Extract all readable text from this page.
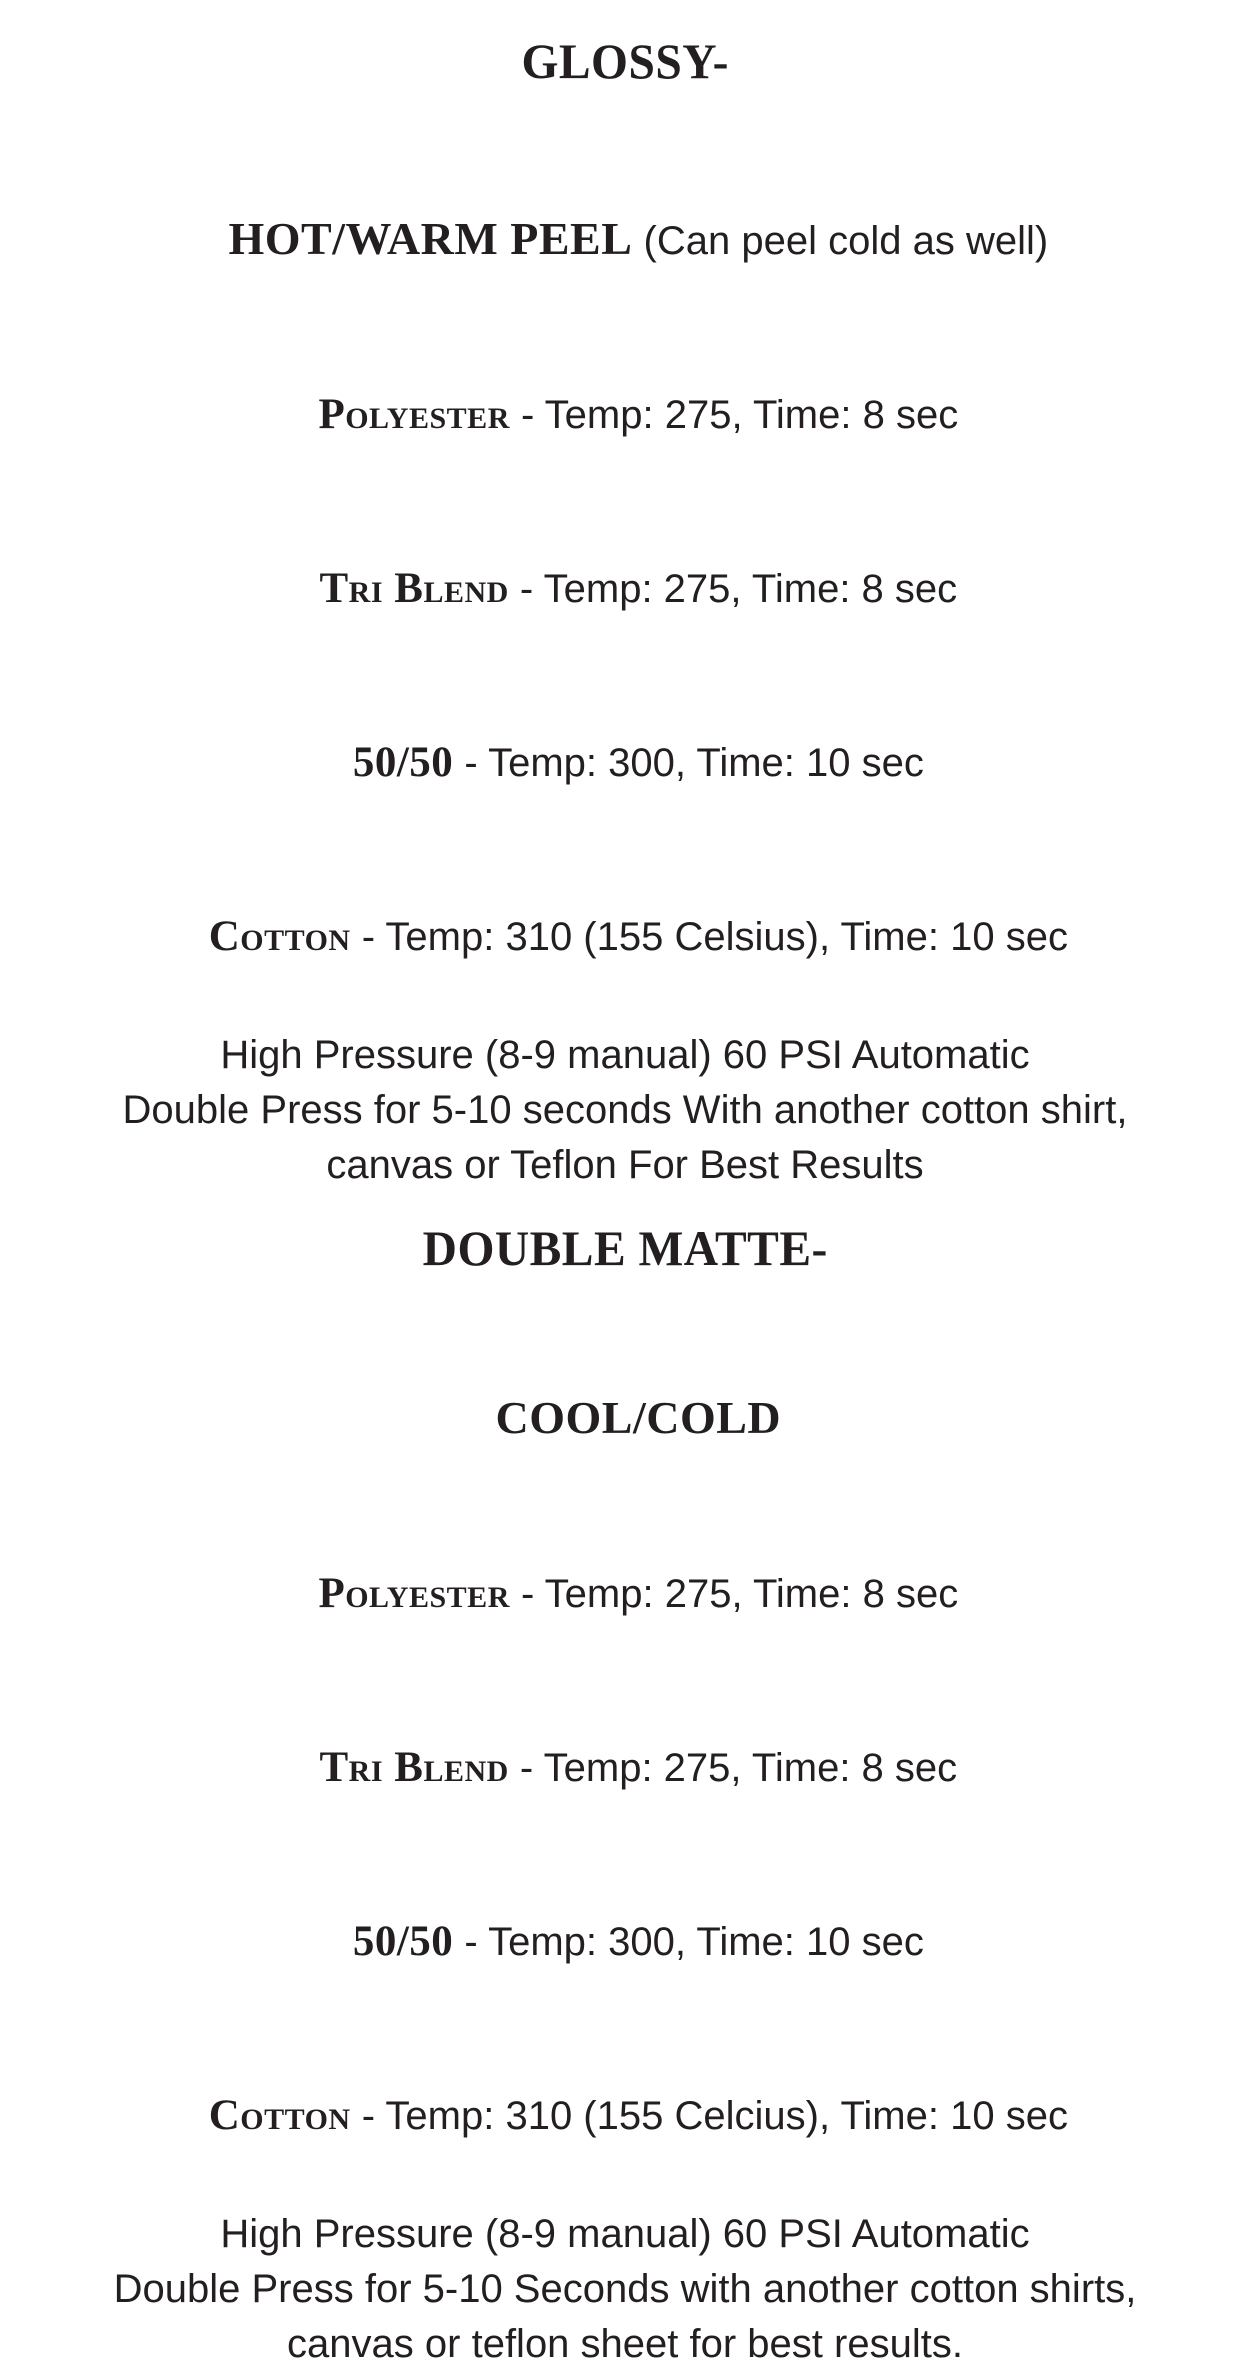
GLOSSY-

HOT/WARM PEEL (Can peel cold as well)

Polyester - Temp: 275, Time: 8 sec

Tri Blend - Temp: 275, Time: 8 sec

50/50 - Temp: 300, Time: 10 sec

Cotton - Temp: 310 (155 Celsius), Time: 10 sec

High Pressure (8-9 manual) 60 PSI Automatic
Double Press for 5-10 seconds With another cotton shirt,
canvas or Teflon For Best Results
DOUBLE MATTE-

COOL/COLD

Polyester - Temp: 275, Time: 8 sec

Tri Blend - Temp: 275, Time: 8 sec

50/50 - Temp: 300, Time: 10 sec

Cotton - Temp: 310 (155 Celcius), Time: 10 sec

High Pressure (8-9 manual) 60 PSI Automatic
Double Press for 5-10 Seconds with another cotton shirts,
canvas or teflon sheet for best results.
